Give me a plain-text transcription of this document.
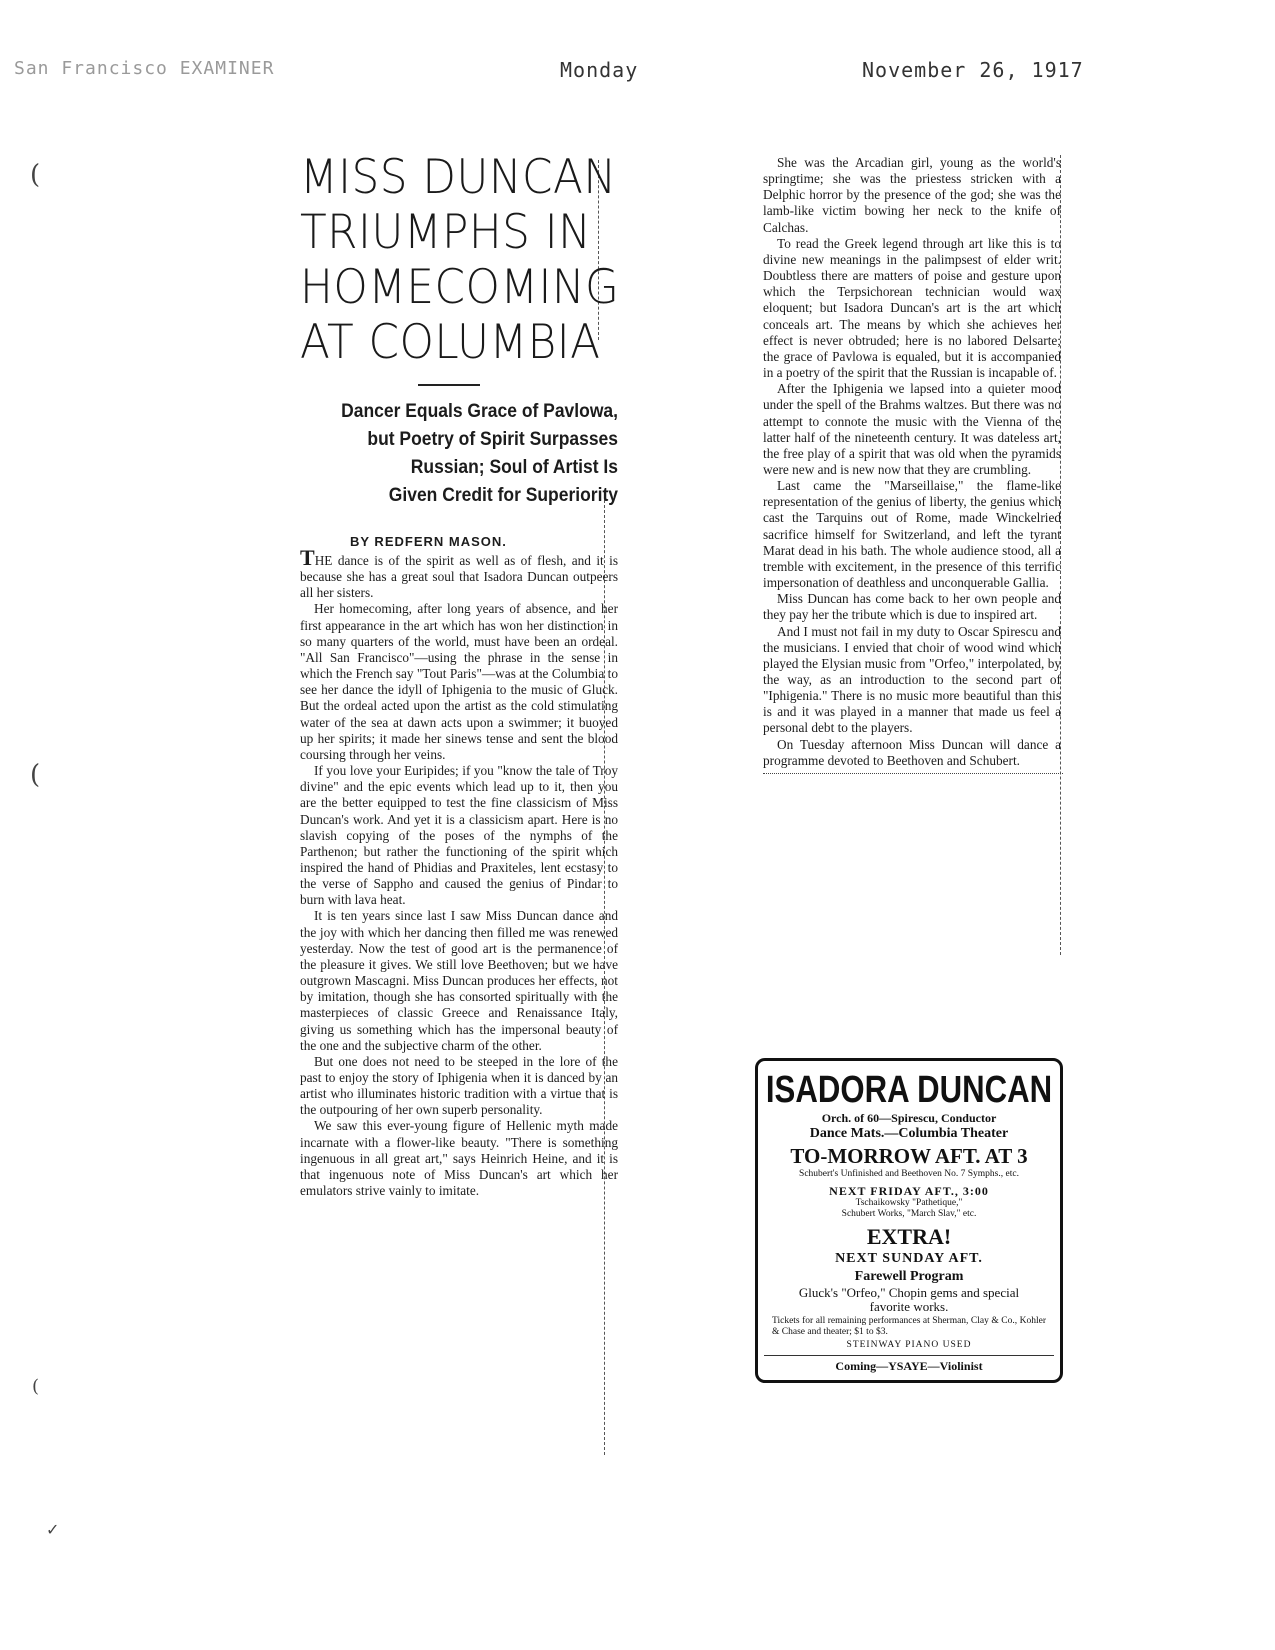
San Francisco EXAMINER	Monday	November 26, 1917
(
(
(
✓
MISS DUNCAN
TRIUMPHS IN
HOMECOMING
AT COLUMBIA
Dancer Equals Grace of Pavlowa,
but Poetry of Spirit Surpasses
Russian; Soul of Artist Is
Given Credit for Superiority
BY REDFERN MASON.

THE dance is of the spirit as well as of flesh, and it is because she has a great soul that Isadora Duncan outpeers all her sisters.

Her homecoming, after long years of absence, and her first appearance in the art which has won her distinction in so many quarters of the world, must have been an ordeal. "All San Francisco"—using the phrase in the sense in which the French say "Tout Paris"—was at the Columbia to see her dance the idyll of Iphigenia to the music of Gluck. But the ordeal acted upon the artist as the cold stimulating water of the sea at dawn acts upon a swimmer; it buoyed up her spirits; it made her sinews tense and sent the blood coursing through her veins.

If you love your Euripides; if you "know the tale of Troy divine" and the epic events which lead up to it, then you are the better equipped to test the fine classicism of Miss Duncan's work. And yet it is a classicism apart. Here is no slavish copying of the poses of the nymphs of the Parthenon; but rather the functioning of the spirit which inspired the hand of Phidias and Praxiteles, lent ecstasy to the verse of Sappho and caused the genius of Pindar to burn with lava heat.

It is ten years since last I saw Miss Duncan dance and the joy with which her dancing then filled me was renewed yesterday. Now the test of good art is the permanence of the pleasure it gives. We still love Beethoven; but we have outgrown Mascagni. Miss Duncan produces her effects, not by imitation, though she has consorted spiritually with the masterpieces of classic Greece and Renaissance Italy, giving us something which has the impersonal beauty of the one and the subjective charm of the other.

But one does not need to be steeped in the lore of the past to enjoy the story of Iphigenia when it is danced by an artist who illuminates historic tradition with a virtue that is the outpouring of her own superb personality.

We saw this ever-young figure of Hellenic myth made incarnate with a flower-like beauty. "There is something ingenuous in all great art," says Heinrich Heine, and it is that ingenuous note of Miss Duncan's art which her emulators strive vainly to imitate.

She was the Arcadian girl, young as the world's springtime; she was the priestess stricken with a Delphic horror by the presence of the god; she was the lamb-like victim bowing her neck to the knife of Calchas.

To read the Greek legend through art like this is to divine new meanings in the palimpsest of elder writ. Doubtless there are matters of poise and gesture upon which the Terpsichorean technician would wax eloquent; but Isadora Duncan's art is the art which conceals art. The means by which she achieves her effect is never obtruded; here is no labored Delsarte; the grace of Pavlowa is equaled, but it is accompanied in a poetry of the spirit that the Russian is incapable of.

After the Iphigenia we lapsed into a quieter mood under the spell of the Brahms waltzes. But there was no attempt to connote the music with the Vienna of the latter half of the nineteenth century. It was dateless art, the free play of a spirit that was old when the pyramids were new and is new now that they are crumbling.

Last came the "Marseillaise," the flame-like representation of the genius of liberty, the genius which cast the Tarquins out of Rome, made Winckelried sacrifice himself for Switzerland, and left the tyrant Marat dead in his bath. The whole audience stood, all a tremble with excitement, in the presence of this terrific impersonation of deathless and unconquerable Gallia.

Miss Duncan has come back to her own people and they pay her the tribute which is due to inspired art.

And I must not fail in my duty to Oscar Spirescu and the musicians. I envied that choir of wood wind which played the Elysian music from "Orfeo," interpolated, by the way, as an introduction to the second part of "Iphigenia." There is no music more beautiful than this is and it was played in a manner that made us feel a personal debt to the players.

On Tuesday afternoon Miss Duncan will dance a programme devoted to Beethoven and Schubert.

ISADORA DUNCAN
Orch. of 60—Spirescu, Conductor
Dance Mats.—Columbia Theater
TO-MORROW AFT. AT 3
Schubert's Unfinished and Beethoven No. 7 Symphs., etc.
NEXT FRIDAY AFT., 3:00
Tschaikowsky "Pathetique,"
Schubert Works, "March Slav," etc.
EXTRA!
NEXT SUNDAY AFT.
Farewell Program
Gluck's "Orfeo," Chopin gems and special favorite works.
Tickets for all remaining performances at Sherman, Clay & Co., Kohler & Chase and theater; $1 to $3.
STEINWAY PIANO USED
Coming—YSAYE—Violinist
